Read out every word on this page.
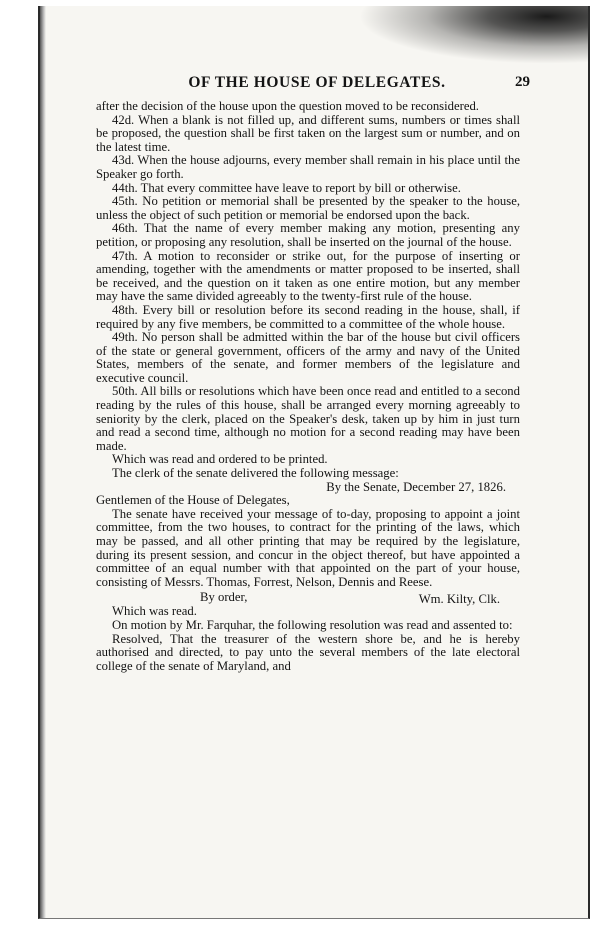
OF THE HOUSE OF DELEGATES.	29

after the decision of the house upon the question moved to be reconsidered.

42d. When a blank is not filled up, and different sums, numbers or times shall be proposed, the question shall be first taken on the largest sum or number, and on the latest time.

43d. When the house adjourns, every member shall remain in his place until the Speaker go forth.

44th. That every committee have leave to report by bill or otherwise.

45th. No petition or memorial shall be presented by the speaker to the house, unless the object of such petition or memorial be endorsed upon the back.

46th. That the name of every member making any motion, presenting any petition, or proposing any resolution, shall be inserted on the journal of the house.

47th. A motion to reconsider or strike out, for the purpose of inserting or amending, together with the amendments or matter proposed to be inserted, shall be received, and the question on it taken as one entire motion, but any member may have the same divided agreeably to the twenty-first rule of the house.

48th. Every bill or resolution before its second reading in the house, shall, if required by any five members, be committed to a committee of the whole house.

49th. No person shall be admitted within the bar of the house but civil officers of the state or general government, officers of the army and navy of the United States, members of the senate, and former members of the legislature and executive council.

50th. All bills or resolutions which have been once read and entitled to a second reading by the rules of this house, shall be arranged every morning agreeably to seniority by the clerk, placed on the Speaker's desk, taken up by him in just turn and read a second time, although no motion for a second reading may have been made.

Which was read and ordered to be printed.

The clerk of the senate delivered the following message:

By the Senate, December 27, 1826.

Gentlemen of the House of Delegates,

The senate have received your message of to-day, proposing to appoint a joint committee, from the two houses, to contract for the printing of the laws, which may be passed, and all other printing that may be required by the legislature, during its present session, and concur in the object thereof, but have appointed a committee of an equal number with that appointed on the part of your house, consisting of Messrs. Thomas, Forrest, Nelson, Dennis and Reese.

By order,	Wm. Kilty, Clk.

Which was read.

On motion by Mr. Farquhar, the following resolution was read and assented to:

Resolved, That the treasurer of the western shore be, and he is hereby authorised and directed, to pay unto the several members of the late electoral college of the senate of Maryland, and
